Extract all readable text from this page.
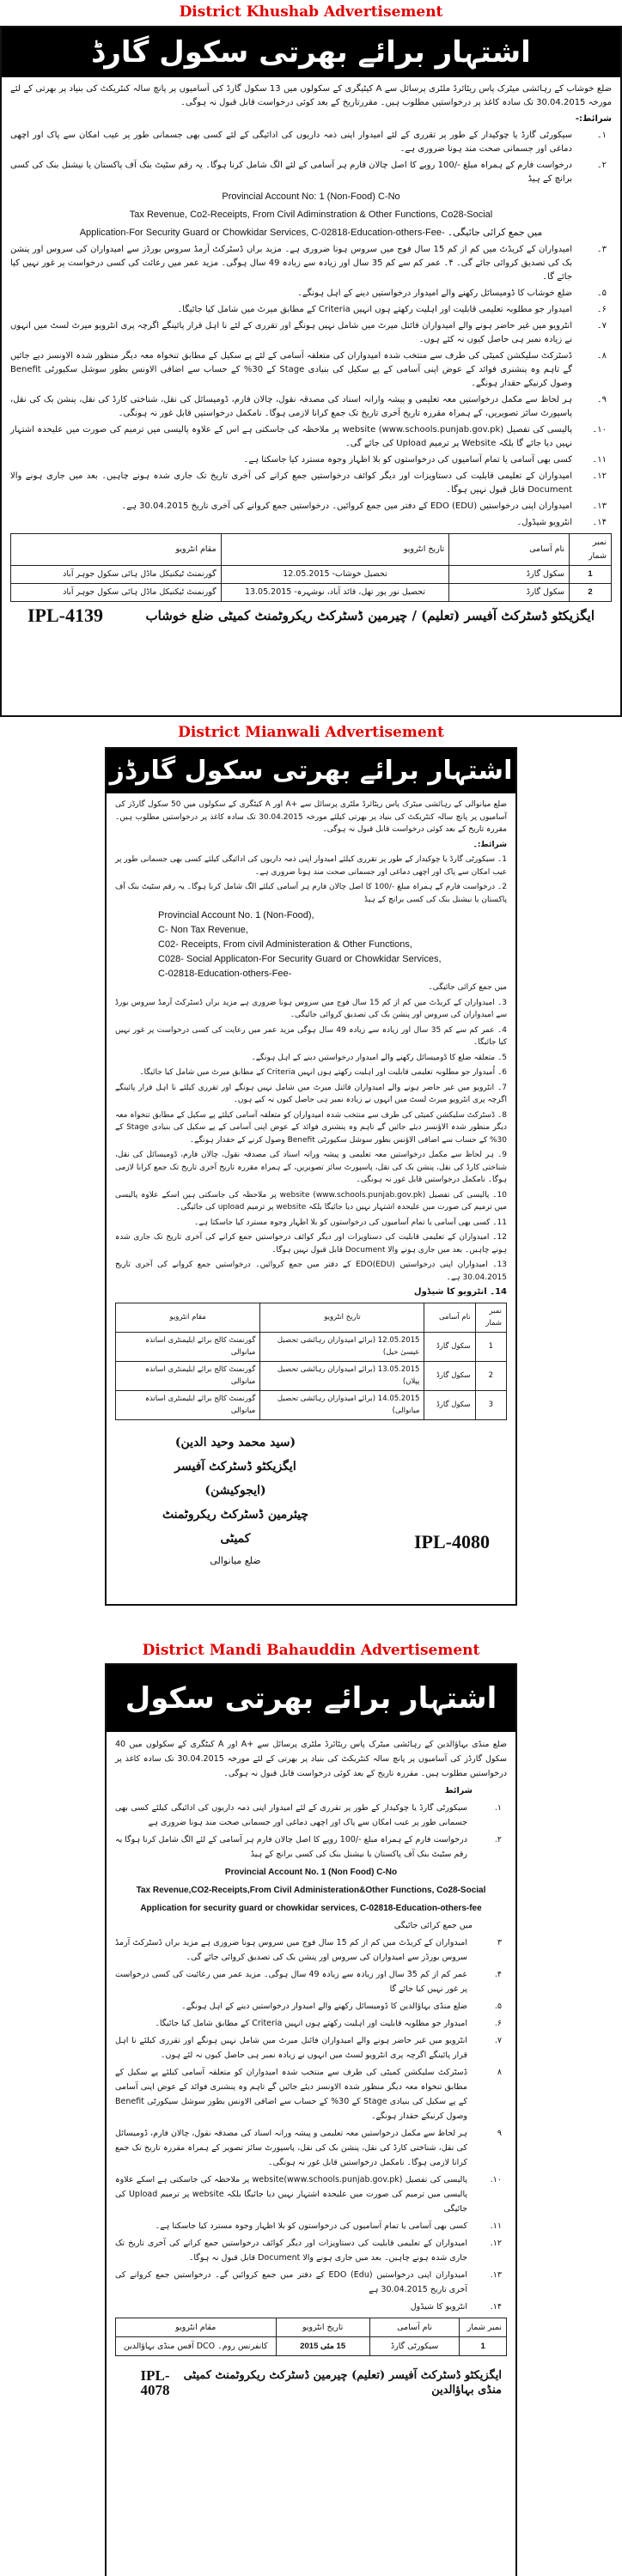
District Khushab Advertisement
اشتہار برائے بھرتی سکول گارڈ

ضلع خوشاب کے رہائشی میٹرک پاس ریٹائرڈ ملٹری پرسائل سے A کیٹیگری کے سکولوں میں 13 سکول گارڈ کی آسامیوں پر پانچ سالہ کنٹریکٹ کی بنیاد پر بھرتی کے لئے مورخہ 30.04.2015 تک سادہ کاغذ پر درخواستیں مطلوب ہیں۔ مقررتاریخ کے بعد کوئی درخواست قابل قبول نہ ہوگی۔

شرائط:-

۱۔
سیکورٹی گارڈ یا چوکیدار کے طور پر تقرری کے لئے امیدوار اپنی ذمہ داریوں کی ادائیگی کے لئے کسی بھی جسمانی طور پر عیب امکان سے پاک اور اچھی دماغی اور جسمانی صحت مند ہونا ضروری ہے۔
۲۔
درخواست فارم کے ہمراہ مبلغ -/100 روپے کا اصل چالان فارم ہر آسامی کے لئے الگ شامل کرنا ہوگا۔ یہ رقم سٹیٹ بنک آف پاکستان یا نیشنل بنک کی کسی برانچ کے ہیڈ
Provincial Account No: 1 (Non-Food) C-No
Tax Revenue, Co2-Receipts, From Civil Adiminstration & Other Functions, Co28-Social
Application-For Security Guard or Chowkidar Services, C-02818-Education-others-Fee- میں جمع کرائی جائیگی۔
۳۔
امیدواران کے کریڈٹ میں کم از کم 15 سال فوج میں سروس ہونا ضروری ہے۔ مزید براں ڈسٹرکٹ آرمڈ سروس بورڈز سے امیدواران کی سروس اور پنشن بک کی تصدیق کروائی جائے گی۔ ۴۔ عمر کم سے کم 35 سال اور زیادہ سے زیادہ 49 سال ہوگی۔ مزید عمر میں رعائت کی کسی درخواست پر غور نہیں کیا جائے گا۔
۵۔
ضلع خوشاب کا ڈومیسائل رکھنے والے امیدوار درخواستیں دینے کے اہل ہونگے۔
۶۔
امیدوار جو مطلوبہ تعلیمی قابلیت اور اہلیت رکھتے ہوں انہیں Criteria کے مطابق میرٹ میں شامل کیا جائیگا۔
۷۔
انٹرویو میں غیر حاضر ہونے والے امیدواران فائنل میرٹ میں شامل نہیں ہونگے اور تقرری کے لئے نا اہل قرار پائینگے اگرچہ پری انٹرویو میرٹ لسٹ میں انہوں نے زیادہ نمبر ہی حاصل کیوں نہ کئے ہوں۔
۸۔
ڈسٹرکٹ سلیکشن کمیٹی کی طرف سے منتخب شدہ امیدواران کی متعلقہ آسامی کے لئے پے سکیل کے مطابق تنخواہ معہ دیگر منظور شدہ الاونسز دیے جائیں گے تاہم وہ پنشنری فوائد کے عوض اپنی آسامی کے پے سکیل کی بنیادی Stage کے 30% کے حساب سے اضافی الاونس بطور سوشل سکیورٹی Benefit وصول کرنیکے حقدار ہونگے۔
۹۔
ہر لحاظ سے مکمل درخواستیں معہ تعلیمی و پیشہ وارانہ اسناد کی مصدقہ نقول، چالان فارم، ڈومیسائل کی نقل، شناختی کارڈ کی نقل، پنشن بک کی نقل، پاسپورٹ سائز تصویریں، کے ہمراہ مقررہ تاریخ آخری تاریخ تک جمع کرانا لازمی ہوگا۔ نامکمل درخواستیں قابل غور نہ ہونگی۔
۱۰۔
پالیسی کی تفصیل website (www.schools.punjab.gov.pk) پر ملاحظہ کی جاسکتی ہے اس کے علاوہ پالیسی میں ترمیم کی صورت میں علیحدہ اشتہار نہیں دیا جائے گا بلکہ Website پر ترمیم Upload کی جائے گی۔
۱۱۔
کسی بھی آسامی یا تمام آسامیوں کی درخواستوں کو بلا اظہار وجوہ مسترد کیا جاسکتا ہے۔
۱۲۔
امیدواران کے تعلیمی قابلیت کی دستاویزات اور دیگر کوائف درخواستیں جمع کرانے کی آخری تاریخ تک جاری شدہ ہونے چاہیں۔ بعد میں جاری ہونے والا Document قابل قبول نہیں ہوگا۔
۱۳۔
امیدواران اپنی درخواستیں (EDO (EDU کے دفتر میں جمع کروائیں۔ درخواستیں جمع کروانے کی آخری تاریخ 30.04.2015 ہے۔
۱۴۔
انٹرویو شیڈول۔
نمبر شمار	نام آسامی	تاریخ انٹرویو	مقام انٹرویو
1	سکول گارڈ	تحصیل خوشاب- 12.05.2015	گورنمنٹ ٹیکنیکل ماڈل ہائی سکول جوہر آباد
2	سکول گارڈ	تحصیل نور پور تھل، قائد آباد، نوشہرہ- 13.05.2015	گورنمنٹ ٹیکنیکل ماڈل ہائی سکول جوہر آباد
ایگزیکٹو ڈسٹرکٹ آفیسر (تعلیم) / چیرمین ڈسٹرکٹ ریکروٹمنٹ کمیٹی ضلع خوشاب
IPL-4139
District Mianwali Advertisement
اشتہار برائے بھرتی سکول گارڈز

ضلع میانوالی کے رہائشی میٹرک پاس ریٹائرڈ ملٹری پرسائل سے +A اور A کیٹگری کے سکولوں میں 50 سکول گارڈز کی آسامیوں پر پانچ سالہ کنٹریکٹ کی بنیاد پر بھرتی کیلئے مورخہ 30.04.2015 تک سادہ کاغذ پر درخواستیں مطلوب ہیں۔ مقررہ تاریخ کے بعد کوئی درخواست قابل قبول نہ ہوگی۔

شرائط:۔

1۔ سیکورٹی گارڈ یا چوکیدار کے طور پر تقرری کیلئے امیدوار اپنی ذمہ داریوں کی ادائیگی کیلئے کسی بھی جسمانی طور پر عیب امکان سے پاک اور اچھی دماغی اور جسمانی صحت مند ہونا ضروری ہے۔

2۔ درخواست فارم کے ہمراہ مبلغ -/100 کا اصل چالان فارم ہر آسامی کیلئے الگ شامل کرنا ہوگا۔ یہ رقم سٹیٹ بنک آف پاکستان یا نیشنل بنک کی کسی برانچ کے ہیڈ

Provincial Account No. 1 (Non-Food),
C- Non Tax Revenue,
C02- Receipts, From civil Administeration & Other Functions,
C028- Social Applicaton-For Security Guard or Chowkidar Services,
C-02818-Education-others-Fee-

میں جمع کرائی جائیگی۔

3۔ امیدواران کے کریڈٹ میں کم از کم 15 سال فوج میں سروس ہونا ضروری ہے مزید براں ڈسٹرکٹ آرمڈ سروس بورڈ سے امیدواران کی سروس اور پنشن بک کی تصدیق کروائی جائیگی۔

4۔ عمر کم سے کم 35 سال اور زیادہ سے زیادہ 49 سال ہوگی مزید عمر میں رعایت کی کسی درخواست پر غور نہیں کیا جائیگا۔

5۔ متعلقہ ضلع کا ڈومیسائل رکھنے والے امیدوار درخواستیں دینے کے اہل ہونگے۔

6۔ اُمیدوار جو مطلوبہ تعلیمی قابلیت اور اہلیت رکھتے ہوں انہیں Criteria کے مطابق میرٹ میں شامل کیا جائیگا۔

7۔ انٹرویو میں غیر حاضر ہونے والے امیدواران فائنل میرٹ میں شامل نہیں ہونگے اور تقرری کیلئے نا اہل قرار پائینگے اگرچہ پری انٹرویو میرٹ لسٹ میں انہوں نے زیادہ نمبر ہی حاصل کیوں نہ کیے ہوں۔

8۔ ڈسٹرکٹ سلیکشن کمیٹی کی طرف سے منتخب شدہ امیدواران کو متعلقہ آسامی کیلئے پے سکیل کے مطابق تنخواہ معہ دیگر منظور شدہ الاؤنسز دیئے جائیں گے تاہم وہ پنشنری فوائد کے عوض اپنی آسامی کے پے سکیل کی بنیادی Stage کے 30% کے حساب سے اضافی الاؤنس بطور سوشل سکیورٹی Benefit وصول کرنے کے حقدار ہونگے۔

9۔ ہر لحاظ سے مکمل درخواستیں معہ تعلیمی و پیشہ ورانہ اسناد کی مصدقہ نقول، چالان فارم، ڈومیسائل کی نقل، شناختی کارڈ کی نقل، پنشن بک کی نقل، پاسپورٹ سائز تصویریں، کے ہمراہ مقررہ تاریخ آخری تاریخ تک جمع کرانا لازمی ہوگا۔ نامکمل درخواستیں قابل غور نہ ہونگی۔

10۔ پالیسی کی تفصیل website (www.schools.punjab.gov.pk) پر ملاحظہ کی جاسکتی ہیں اسکے علاوہ پالیسی میں ترمیم کی صورت میں علیحدہ اشتہار نہیں دیا جائیگا بلکہ website پر ترمیم upload کی جائیگی۔

11۔ کسی بھی آسامی یا تمام آسامیوں کی درخواستوں کو بلا اظہار وجوہ مسترد کیا جاسکتا ہے۔

12۔ امیدواران کے تعلیمی قابلیت کی دستاویزات اور دیگر کوائف درخواستیں جمع کرانے کی آخری تاریخ تک جاری شدہ ہونے چاہیں۔ بعد میں جاری ہونے والا Document قابل قبول نہیں ہوگا۔

13۔ امیدواران اپنی درخواستیں (EDO(EDU کے دفتر میں جمع کروائیں۔ درخواستیں جمع کروانے کی آخری تاریخ 30.04.2015 ہے۔

14۔ انٹرویو کا شیڈول

نمبر شمار	نام آسامی	تاریخ انٹرویو	مقام انٹرویو
1	سکول گارڈ	12.05.2015 (برائے امیدواران رہائشی تحصیل عیسیٰ خیل)	گورنمنٹ کالج برائے ایلیمنٹری اساتذہ میانوالی
2	سکول گارڈ	13.05.2015 (برائے امیدواران رہائشی تحصیل پپلاں)	گورنمنٹ کالج برائے ایلیمنٹری اساتذہ میانوالی
3	سکول گارڈ	14.05.2015 (برائے امیدواران رہائشی تحصیل میانوالی)	گورنمنٹ کالج برائے ایلیمنٹری اساتذہ میانوالی
(سید محمد وحید الدین)
ایگزیکٹو ڈسٹرکٹ آفیسر (ایجوکیشن)
چیئرمین ڈسٹرکٹ ریکروٹمنٹ کمیٹی
ضلع میانوالی
IPL-4080
District Mandi Bahauddin Advertisement
اشتہار برائے بھرتی سکول گارڈز

ضلع منڈی بہاؤالدین کے رہائشی میٹرک پاس ریٹائرڈ ملٹری پرسائل سے +A اور A کیٹگری کے سکولوں میں 40 سکول گارڈز کی آسامیوں پر پانچ سالہ کنٹریکٹ کی بنیاد پر بھرتی کے لئے مورخہ 30.04.2015 تک سادہ کاغذ پر درخواستیں مطلوب ہیں۔ مقررہ تاریخ کے بعد کوئی درخواست قابل قبول نہ ہوگی۔

شرائط

۱.
سیکورٹی گارڈ یا چوکیدار کے طور پر تقرری کے لئے امیدوار اپنی ذمہ داریوں کی ادائیگی کیلئے کسی بھی جسمانی طور پر عیب امکان سے پاک اور اچھی دماغی اور جسمانی صحت مند ہونا ضروری ہے
۲.
درخواست فارم کے ہمراہ مبلغ -/100 روپے کا اصل چالان فارم ہر آسامی کے لئے الگ شامل کرنا ہوگا یہ رقم سٹیٹ بنک آف پاکستان یا نیشنل بنک کی کسی برانچ کے ہیڈ
Provincial Account No. 1 (Non Food) C-No
Tax Revenue,CO2-Receipts,From Civil Administeration&Other Functions, Co28-Social
Application for security guard or chowkidar services, C-02818-Education-others-fee

میں جمع کرائی جائیگی

۳
امیدواران کے کریڈٹ میں کم از کم 15 سال فوج میں سروس ہونا ضروری ہے مزید براں ڈسٹرکٹ آرمڈ سروس بورڈز سے امیدواران کی سروس اور پنشن بک کی تصدیق کروائی جائے گی۔
۴.
عمر کم از کم 35 سال اور زیادہ سے زیادہ 49 سال ہوگی۔ مزید عمر میں رعائیت کی کسی درخواست پر غور نہیں کیا جائے گا
۵.
ضلع منڈی بہاؤالدین کا ڈومیسائل رکھنے والے امیدوار درخواستیں دینے کے اہل ہونگے۔
۶.
امیدوار جو مطلوبہ قابلیت اور اہلیت رکھتے ہوں انہیں Criteria کے مطابق شامل کیا جائیگا۔
۷.
انٹرویو میں غیر حاضر ہونے والے امیدواران فائنل میرٹ میں شامل نہیں ہونگے اور تقرری کیلئے نا اہل قرار پائینگے اگرچہ پری انٹرویو لسٹ میں انہوں نے زیادہ نمبر ہی حاصل کیوں نہ لئے ہوں۔
۸
ڈسٹرکٹ سلیکشن کمیٹی کی طرف سے منتخب شدہ امیدواران کو متعلقہ آسامی کیلئے پے سکیل کے مطابق تنخواہ معہ دیگر منظور شدہ الاونسز دیئے جائیں گے تاہم وہ پنشنری فوائد کے عوض اپنی آسامی کے پے سکیل کی بنیادی Stage کے 30% کے حساب سے اضافی الاونس بطور سوشل سیکورٹی Benefit وصول کرنیکے حقدار ہونگے۔
۹
ہر لحاظ سے مکمل درخواستیں معہ تعلیمی و پیشہ ورانہ اسناد کی مصدقہ نقول، چالان فارم، ڈومیسائل کی نقل، شناختی کارڈ کی نقل، پنشن بک کی نقل، پاسپورٹ سائز تصویر کے ہمراہ مقررہ تاریخ تک جمع کرانا لازمی ہوگا۔ نامکمل درخواستیں قابل غور نہ ہونگی۔
۱۰.
پالیسی کی تفصیل website(www.schools.punjab.gov.pk) پر ملاحظہ کی جاسکتی ہے اسکے علاوہ پالیسی میں ترمیم کی صورت میں علیحدہ اشتہار نہیں دیا جائیگا بلکہ website پر ترمیم Upload کی جائیگی
۱۱.
کسی بھی آسامی یا تمام آسامیوں کی درخواستوں کو بلا اظہار وجوہ مسترد کیا جاسکتا ہے۔
۱۲.
امیدواران کے تعلیمی قابلیت کی دستاویزات اور دیگر کوائف درخواستیں جمع کرانے کی آخری تاریخ تک جاری شدہ ہونے چاہیں۔ بعد میں جاری ہونے والا Document قابل قبول نہ ہوگا۔
۱۳.
امیدواران اپنی درخواستیں (EDO (Edu کے دفتر میں جمع کروائیں گے۔ درخواستیں جمع کروانے کی آخری تاریخ 30.04.2015 ہے
۱۴.
انٹرویو کا شیڈول
نمبر شمار	نام آسامی	تاریخ انٹرویو	مقام انٹرویو
1	سیکورٹی گارڈ	15 مئی 2015	کانفرنس روم۔ DCO آفس منڈی بہاؤالدین
ایگزیکٹو ڈسٹرکٹ آفیسر (تعلیم) چیرمین ڈسٹرکٹ ریکروٹمنٹ کمیٹی منڈی بہاؤالدین
IPL-4078
